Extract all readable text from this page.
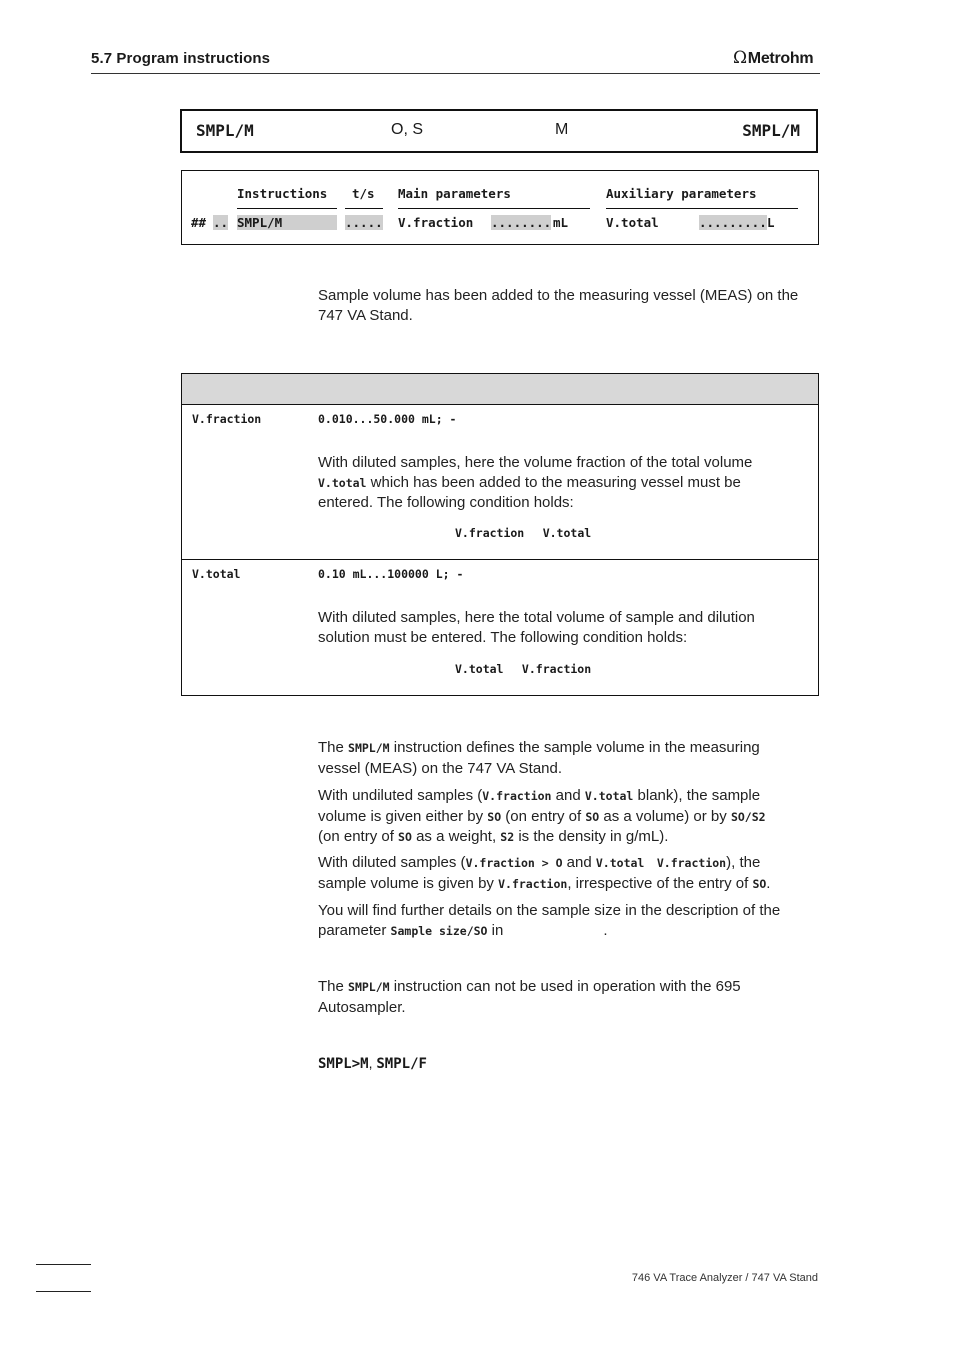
5.7 Program instructions	ΩMetrohm
SMPL/M	O, S	M	SMPL/M
Instructions t/s Main parameters	Auxiliary parameters
## .. SMPL/M	..... V.fraction ........ mL	V.total	......... L
Sample volume has been added to the measuring vessel (MEAS) on the
747 VA Stand.
V.fraction	0.010...50.000 mL; -
With diluted samples, here the volume fraction of the total volume
V.total which has been added to the measuring vessel must be
entered. The following condition holds:
V.fraction V.total
V.total	0.10 mL...100000 L; -
With diluted samples, here the total volume of sample and dilution
solution must be entered. The following condition holds:
V.total V.fraction
The SMPL/M instruction defines the sample volume in the measuring
vessel (MEAS) on the 747 VA Stand.
With undiluted samples (V.fraction and V.total blank), the sample
volume is given either by SO (on entry of SO as a volume) or by SO/S2
(on entry of SO as a weight, S2 is the density in g/mL).
With diluted samples (V.fraction > O and V.total V.fraction), the
sample volume is given by V.fraction, irrespective of the entry of SO.
You will find further details on the sample size in the description of the
parameter Sample size/SO in	.
The SMPL/M instruction can not be used in operation with the 695
Autosampler.
SMPL>M, SMPL/F
746 VA Trace Analyzer / 747 VA Stand
